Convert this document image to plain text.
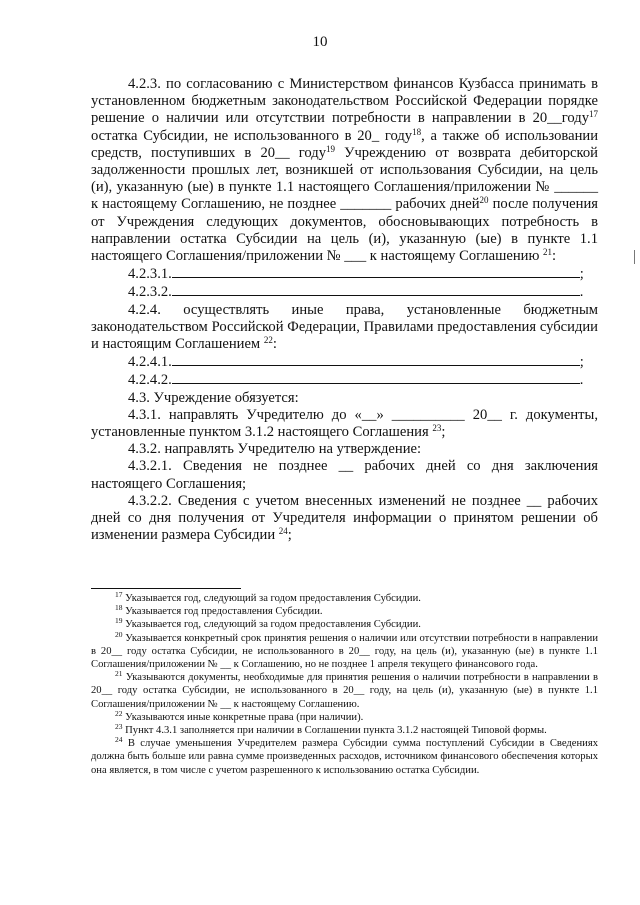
10

4.2.3. по согласованию с Министерством финансов Кузбасса принимать в установленном бюджетным законодательством Российской Федерации порядке решение о наличии или отсутствии потребности в направлении в 20__году$^{17}$ остатка Субсидии, не использованного в 20_ году$^{18}$, а также об использовании средств, поступивших в 20__ году$^{19}$ Учреждению от возврата дебиторской задолженности прошлых лет, возникшей от использования Субсидии, на цель (и), указанную (ые) в пункте 1.1 настоящего Соглашения/приложении № ______ к настоящему Соглашению, не позднее _______ рабочих дней$^{20}$ после получения от Учреждения следующих документов, обосновывающих потребность в направлении остатка Субсидии на цель (и), указанную (ые) в пункте 1.1 настоящего Соглашения/приложении № ___ к настоящему Соглашению $^{21}$:

4.2.3.1.	;

4.2.3.2.	.

4.2.4. осуществлять иные права, установленные бюджетным законодательством Российской Федерации, Правилами предоставления субсидии и настоящим Соглашением $^{22}$:

4.2.4.1.	;

4.2.4.2.	.

4.3. Учреждение обязуется:

4.3.1. направлять Учредителю до «__» __________ 20__ г. документы, установленные пунктом 3.1.2 настоящего Соглашения $^{23}$;

4.3.2. направлять Учредителю на утверждение:

4.3.2.1. Сведения не позднее __ рабочих дней со дня заключения настоящего Соглашения;

4.3.2.2. Сведения с учетом внесенных изменений не позднее __ рабочих дней со дня получения от Учредителя информации о принятом решении об изменении размера Субсидии $^{24}$;

$^{17}$ Указывается год, следующий за годом предоставления Субсидии.

$^{18}$ Указывается год предоставления Субсидии.

$^{19}$ Указывается год, следующий за годом предоставления Субсидии.

$^{20}$ Указывается конкретный срок принятия решения о наличии или отсутствии потребности в направлении в 20__ году остатка Субсидии, не использованного в 20__ году, на цель (и), указанную (ые) в пункте 1.1 Соглашения/приложении № __ к Соглашению, но не позднее 1 апреля текущего финансового года.

$^{21}$ Указываются документы, необходимые для принятия решения о наличии потребности в направлении в 20__ году остатка Субсидии, не использованного в 20__ году, на цель (и), указанную (ые) в пункте 1.1 Соглашения/приложении № __ к настоящему Соглашению.

$^{22}$ Указываются иные конкретные права (при наличии).

$^{23}$ Пункт 4.3.1 заполняется при наличии в Соглашении пункта 3.1.2 настоящей Типовой формы.

$^{24}$ В случае уменьшения Учредителем размера Субсидии сумма поступлений Субсидии в Сведениях должна быть больше или равна сумме произведенных расходов, источником финансового обеспечения которых она является, в том числе с учетом разрешенного к использованию остатка Субсидии.
